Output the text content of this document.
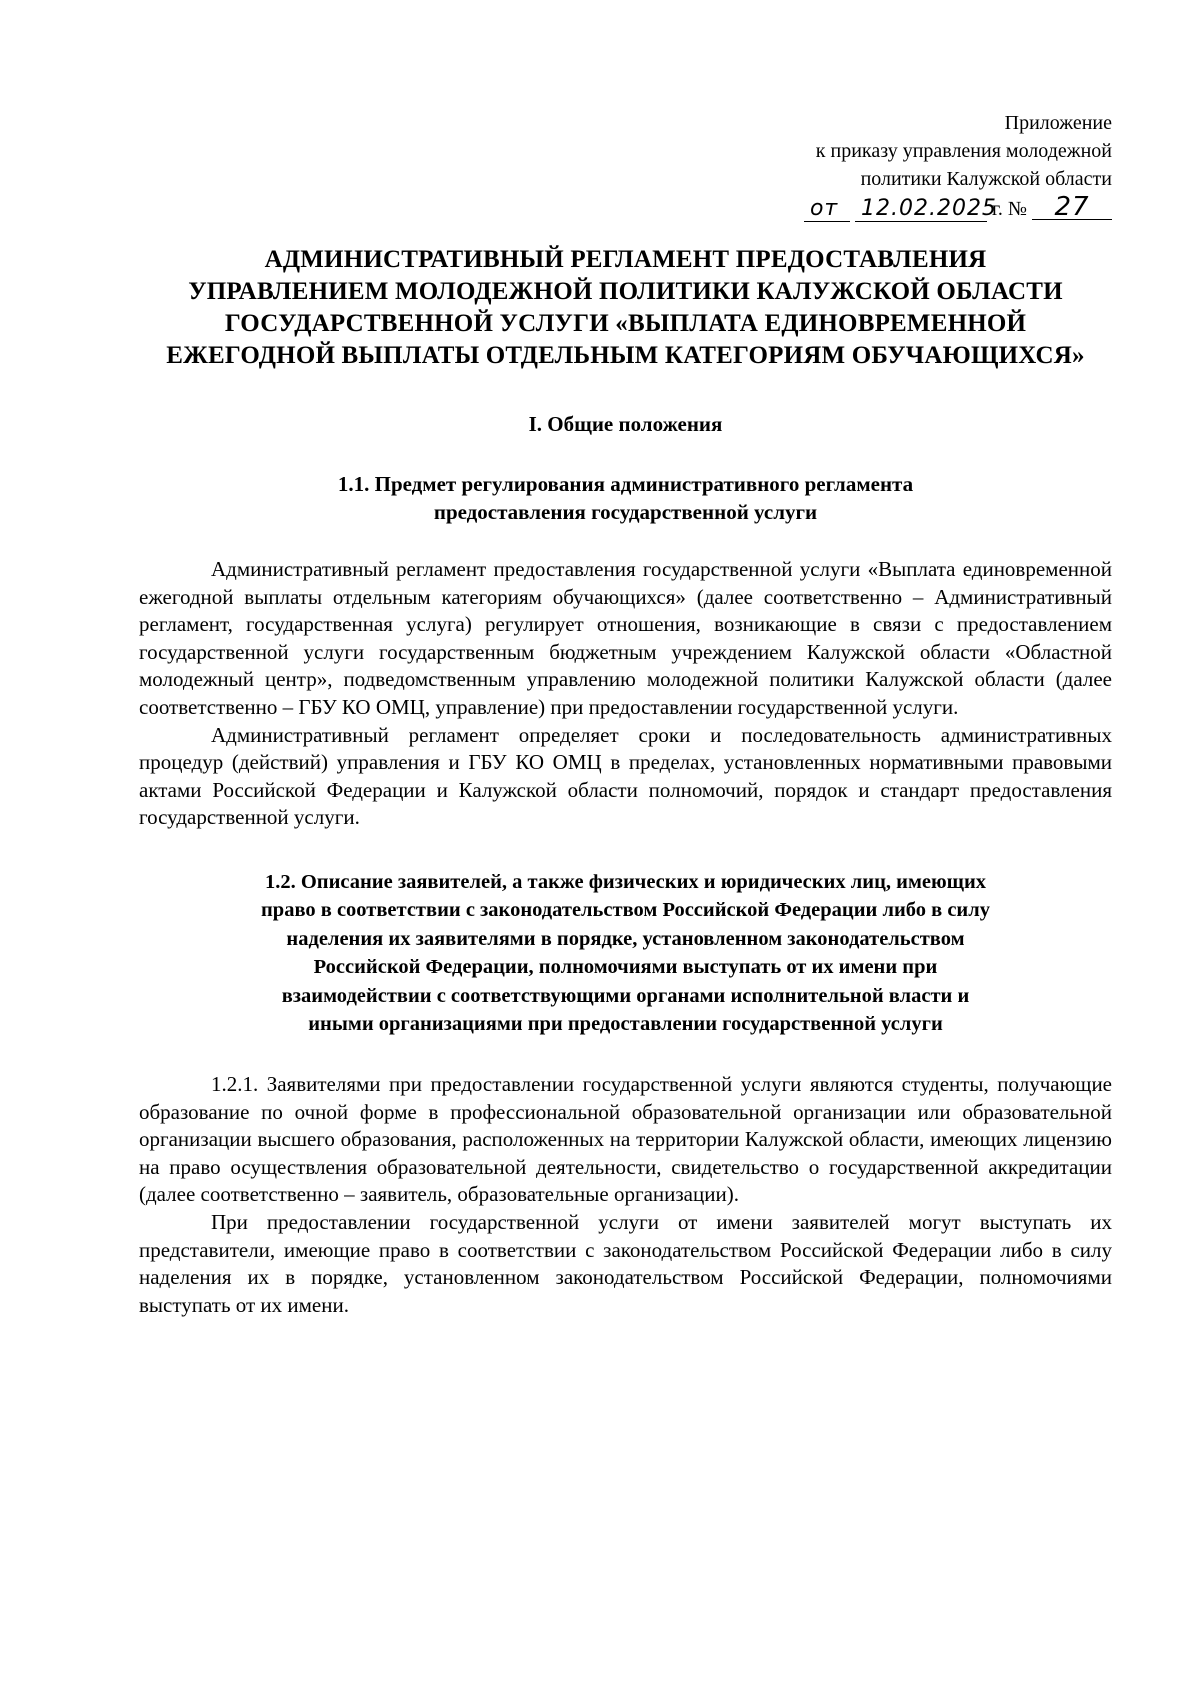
Приложение
к приказу управления молодежной
политики Калужской области
от 12.02.2025 г. № 27
АДМИНИСТРАТИВНЫЙ РЕГЛАМЕНТ ПРЕДОСТАВЛЕНИЯ
УПРАВЛЕНИЕМ МОЛОДЕЖНОЙ ПОЛИТИКИ КАЛУЖСКОЙ ОБЛАСТИ
ГОСУДАРСТВЕННОЙ УСЛУГИ «ВЫПЛАТА ЕДИНОВРЕМЕННОЙ
ЕЖЕГОДНОЙ ВЫПЛАТЫ ОТДЕЛЬНЫМ КАТЕГОРИЯМ ОБУЧАЮЩИХСЯ»
I. Общие положения
1.1. Предмет регулирования административного регламента
предоставления государственной услуги

Административный регламент предоставления государственной услуги «Выплата единовременной ежегодной выплаты отдельным категориям обучающихся» (далее соответственно – Административный регламент, государственная услуга) регулирует отношения, возникающие в связи с предоставлением государственной услуги государственным бюджетным учреждением Калужской области «Областной молодежный центр», подведомственным управлению молодежной политики Калужской области (далее соответственно – ГБУ КО ОМЦ, управление) при предоставлении государственной услуги.

Административный регламент определяет сроки и последовательность административных процедур (действий) управления и ГБУ КО ОМЦ в пределах, установленных нормативными правовыми актами Российской Федерации и Калужской области полномочий, порядок и стандарт предоставления государственной услуги.

1.2. Описание заявителей, а также физических и юридических лиц, имеющих
право в соответствии с законодательством Российской Федерации либо в силу
наделения их заявителями в порядке, установленном законодательством
Российской Федерации, полномочиями выступать от их имени при
взаимодействии с соответствующими органами исполнительной власти и
иными организациями при предоставлении государственной услуги

1.2.1. Заявителями при предоставлении государственной услуги являются студенты, получающие образование по очной форме в профессиональной образовательной организации или образовательной организации высшего образования, расположенных на территории Калужской области, имеющих лицензию на право осуществления образовательной деятельности, свидетельство о государственной аккредитации (далее соответственно – заявитель, образовательные организации).

При предоставлении государственной услуги от имени заявителей могут выступать их представители, имеющие право в соответствии с законодательством Российской Федерации либо в силу наделения их в порядке, установленном законодательством Российской Федерации, полномочиями выступать от их имени.
